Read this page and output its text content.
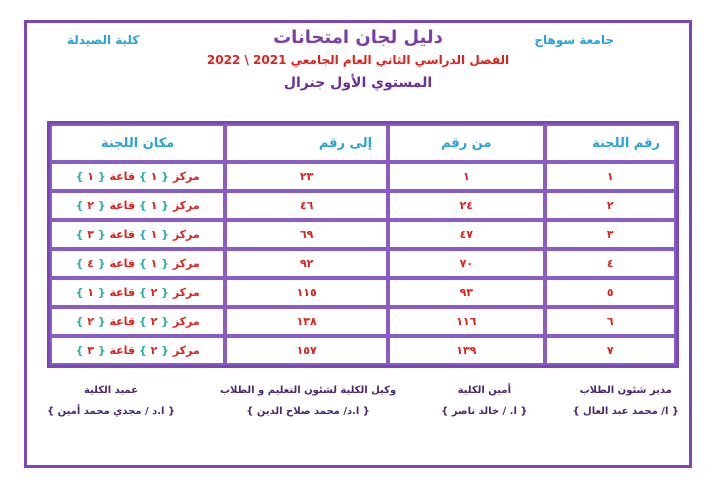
جامعة سوهاج
كلية الصيدلة	دليل لجان امتحانات
الفصل الدراسي الثاني العام الجامعي 2021 \ 2022
المستوي الأول جنرال
رقم اللجنة	من رقم	إلى رقم	مكان اللجنة
١	١	٢٣	مركز { ١ } قاعة { ١ }
٢	٢٤	٤٦	مركز { ١ } قاعة { ٢ }
٣	٤٧	٦٩	مركز { ١ } قاعة { ٣ }
٤	٧٠	٩٢	مركز { ١ } قاعة { ٤ }
٥	٩٣	١١٥	مركز { ٢ } قاعة { ١ }
٦	١١٦	١٣٨	مركز { ٢ } قاعة { ٢ }
٧	١٣٩	١٥٧	مركز { ٢ } قاعة { ٣ }
مدير شئون الطلاب
{ ا/ محمد عبد العال }
أمين الكلية
{ ا. / خالد ناصر }
وكيل الكلية لشئون التعليم و الطلاب
{ ا.د/ محمد صلاح الدين }
عميد الكلية
{ ا.د / مجدي محمد أمين }
